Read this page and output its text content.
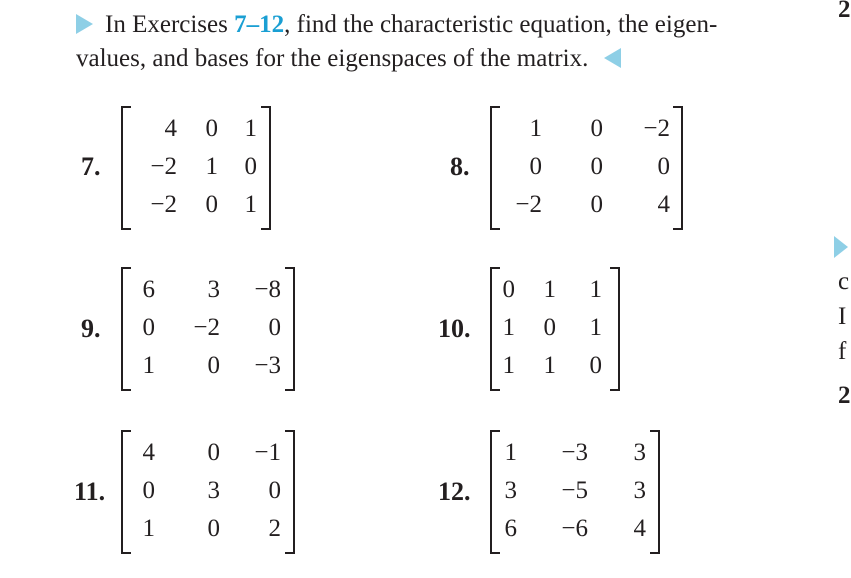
In Exercises 7–12, find the characteristic equation, the eigen-
values, and bases for the eigenspaces of the matrix.
7.
4 0 1
−2 1 0
−2 0 1
8.
1 0 −2
0 0 0
−2 0 4
9.
6 3 −8
0 −2 0
1 0 −3
10.
0 1 1
1 0 1
1 1 0
11.
4 0 −1
0 3 0
1 0 2
12.
1 −3 3
3 −5 3
6 −6 4
2
c
I
f
2
